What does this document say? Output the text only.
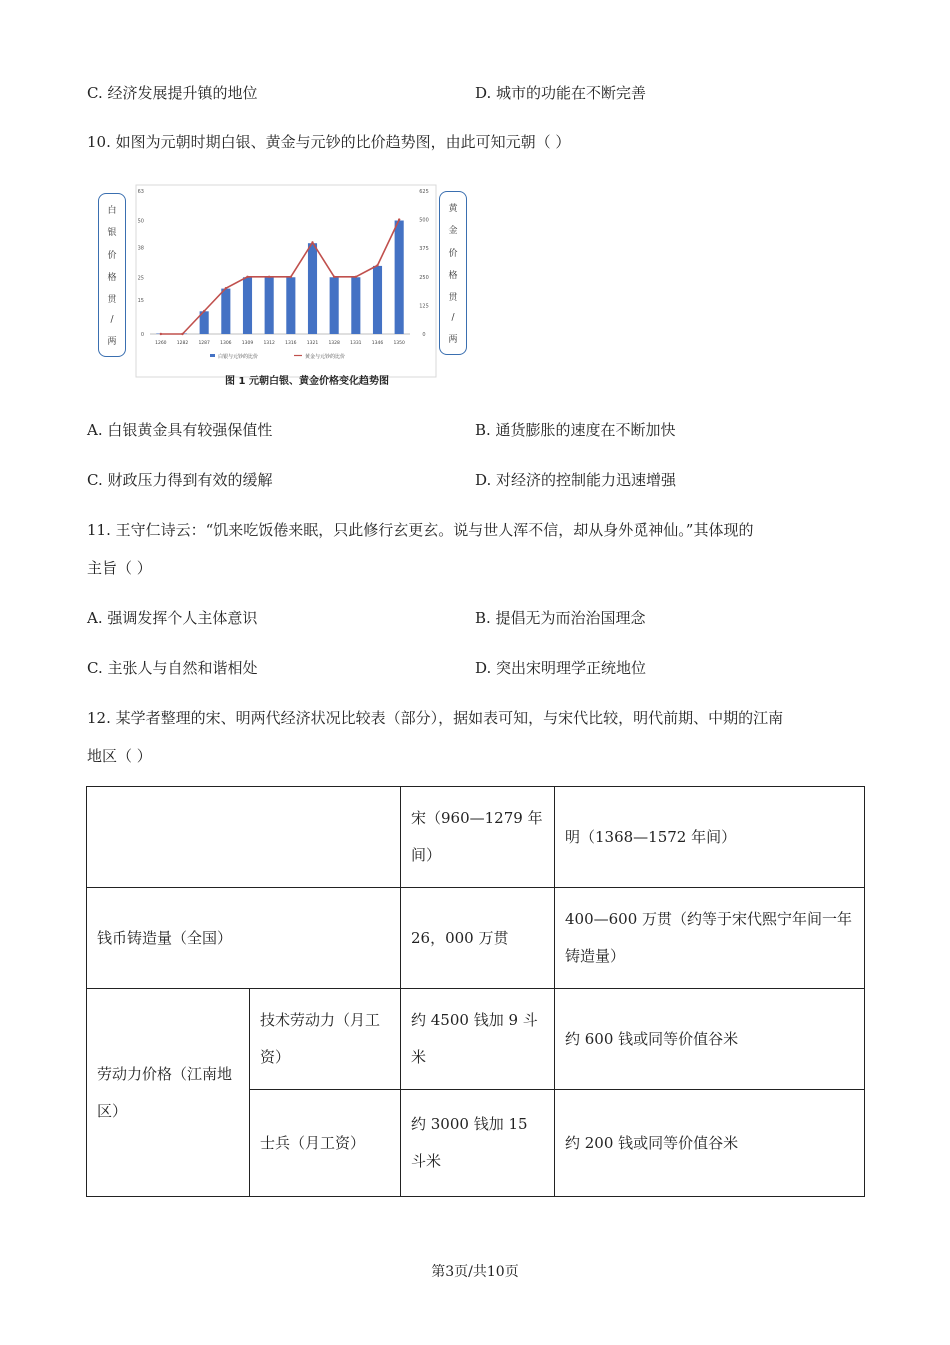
C. 经济发展提升镇的地位	D. 城市的功能在不断完善
10. 如图为元朝时期白银、黄金与元钞的比价趋势图，由此可知元朝（ ）
白
银
价
格
贯
/
两
黄
金
价
格
贯
/
两
0
15
25
38
50
63
0
125
250
375
500
625
1260 1282 1287 1306 1309 1312 1316 1321 1328 1331 1346 1350
白银与元钞的比价	黄金与元钞的比价
图 1 元朝白银、黄金价格变化趋势图
A. 白银黄金具有较强保值性	B. 通货膨胀的速度在不断加快
C. 财政压力得到有效的缓解	D. 对经济的控制能力迅速增强
11. 王守仁诗云：“饥来吃饭倦来眠，只此修行玄更玄。说与世人浑不信，却从身外觅神仙。”其体现的
主旨（ ）
A. 强调发挥个人主体意识	B. 提倡无为而治治国理念
C. 主张人与自然和谐相处	D. 突出宋明理学正统地位
12. 某学者整理的宋、明两代经济状况比较表（部分），据如表可知，与宋代比较，明代前期、中期的江南
地区（ ）
		宋（960—1279 年间）	明（1368—1572 年间）
钱币铸造量（全国）		26，000 万贯	400—600 万贯（约等于宋代熙宁年间一年铸造量）
劳动力价格（江南地区）	技术劳动力（月工资）	约 4500 钱加 9 斗米	约 600 钱或同等价值谷米
	士兵（月工资）	约 3000 钱加 15 斗米	约 200 钱或同等价值谷米
第3页/共10页
